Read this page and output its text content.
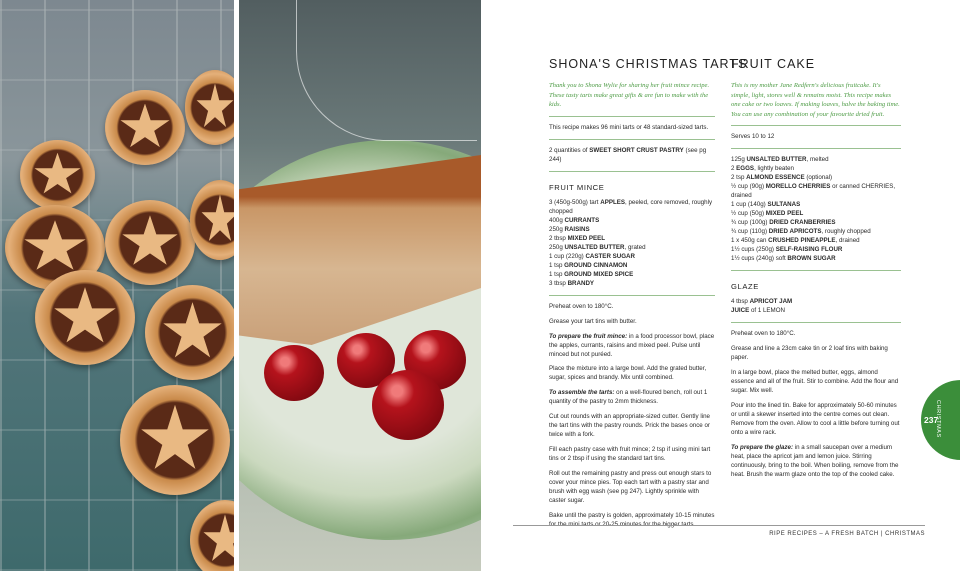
SHONA'S CHRISTMAS TARTS

Thank you to Shona Wylie for sharing her fruit mince recipe. These tasty tarts make great gifts & are fun to make with the kids.

This recipe makes 96 mini tarts or 48 standard-sized tarts.

2 quantities of SWEET SHORT CRUST PASTRY (see pg 244)
FRUIT MINCE
3 (450g-500g) tart APPLES, peeled, core removed, roughly chopped
400g CURRANTS
250g RAISINS
2 tbsp MIXED PEEL
250g UNSALTED BUTTER, grated
1 cup (220g) CASTER SUGAR
1 tsp GROUND CINNAMON
1 tsp GROUND MIXED SPICE
3 tbsp BRANDY

Preheat oven to 180°C.

Grease your tart tins with butter.

To prepare the fruit mince: in a food processor bowl, place the apples, currants, raisins and mixed peel. Pulse until minced but not puréed.

Place the mixture into a large bowl. Add the grated butter, sugar, spices and brandy. Mix until combined.

To assemble the tarts: on a well-floured bench, roll out 1 quantity of the pastry to 2mm thickness.

Cut out rounds with an appropriate-sized cutter. Gently line the tart tins with the pastry rounds. Prick the bases once or twice with a fork.

Fill each pastry case with fruit mince; 2 tsp if using mini tart tins or 2 tbsp if using the standard tart tins.

Roll out the remaining pastry and press out enough stars to cover your mince pies. Top each tart with a pastry star and brush with egg wash (see pg 247). Lightly sprinkle with caster sugar.

Bake until the pastry is golden, approximately 10-15 minutes

FRUIT CAKE

This is my mother Jane Redfern's delicious fruitcake. It's simple, light, stores well & remains moist. This recipe makes one cake or two loaves. If making loaves, halve the baking time. You can use any combination of your favourite dried fruit.

Serves 10 to 12

125g UNSALTED BUTTER, melted
2 EGGS, lightly beaten
2 tsp ALMOND ESSENCE (optional)
½ cup (90g) MORELLO CHERRIES or canned CHERRIES, drained
1 cup (140g) SULTANAS
½ cup (50g) MIXED PEEL
¾ cup (100g) DRIED CRANBERRIES
¾ cup (110g) DRIED APRICOTS, roughly chopped
1 x 450g can CRUSHED PINEAPPLE, drained
1½ cups (250g) SELF-RAISING FLOUR
1½ cups (240g) soft BROWN SUGAR
GLAZE
4 tbsp APRICOT JAM
JUICE of 1 LEMON

Preheat oven to 180°C.

Grease and line a 23cm cake tin or 2 loaf tins with baking paper.

In a large bowl, place the melted butter, eggs, almond essence and all of the fruit. Stir to combine. Add the flour and sugar. Mix well.

Pour into the lined tin. Bake for approximately 50-60 minutes or until a skewer inserted into the centre comes out clean. Remove from the oven. Allow to cool a little before turning out onto a wire rack.

To prepare the glaze: in a small saucepan over a medium heat, place the apricot jam and lemon juice. Stirring continuously, bring to the boil. When boiling, remove from the heat. Brush the warm glaze onto the top of the cooled cake.

RIPE RECIPES – A FRESH BATCH | CHRISTMAS
CHRISTMAS
237
